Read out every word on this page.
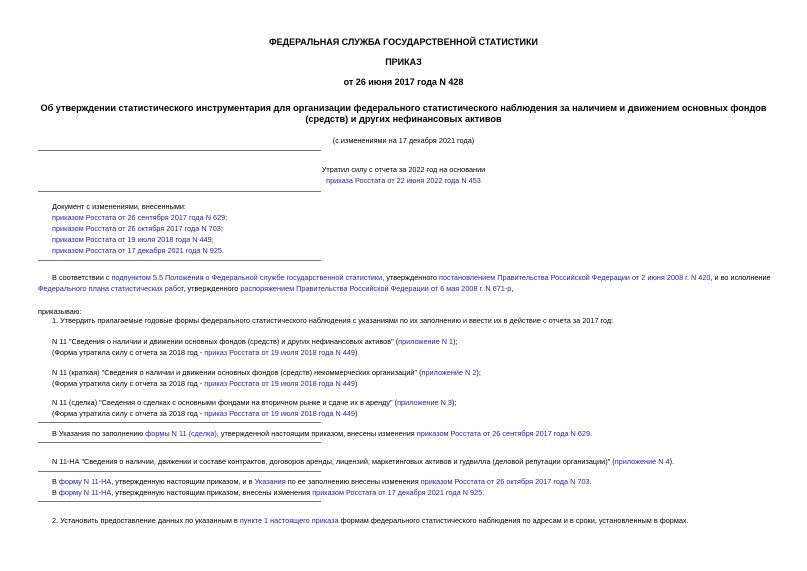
ФЕДЕРАЛЬНАЯ СЛУЖБА ГОСУДАРСТВЕННОЙ СТАТИСТИКИ
ПРИКАЗ
от 26 июня 2017 года N 428
Об утверждении статистического инструментария для организации федерального статистического наблюдения за наличием и движением основных фондов
(средств) и других нефинансовых активов
(с изменениями на 17 декабря 2021 года)
Утратил силу с отчета за 2022 год на основании
приказа Росстата от 22 июня 2022 года N 453
Документ с изменениями, внесенными:
приказом Росстата от 26 сентября 2017 года N 629;
приказом Росстата от 26 октября 2017 года N 703;
приказом Росстата от 19 июля 2018 года N 449;
приказом Росстата от 17 декабря 2021 года N 925.
В соответствии с подпунктом 5.5 Положения о Федеральной службе государственной статистики, утвержденного постановлением Правительства Российской Федерации от 2 июня 2008 г. N 420, и во исполнение
Федерального плана статистических работ, утвержденного распоряжением Правительства Российской Федерации от 6 мая 2008 г. N 671-р,
приказываю:
1. Утвердить прилагаемые годовые формы федерального статистического наблюдения с указаниями по их заполнению и ввести их в действие с отчета за 2017 год:
N 11 "Сведения о наличии и движении основных фондов (средств) и других нефинансовых активов" (приложение N 1);
(Форма утратила силу с отчета за 2018 год - приказ Росстата от 19 июля 2018 года N 449)
N 11 (краткая) "Сведения о наличии и движении основных фондов (средств) некоммерческих организаций" (приложение N 2);
(Форма утратила силу с отчета за 2018 год - приказ Росстата от 19 июля 2018 года N 449)
N 11 (сделка) "Сведения о сделках с основными фондами на вторичном рынке и сдаче их в аренду" (приложение N 3);
(Форма утратила силу с отчета за 2018 год - приказ Росстата от 19 июля 2018 года N 449)
В Указания по заполнению формы N 11 (сделка), утвержденной настоящим приказом, внесены изменения приказом Росстата от 26 сентября 2017 года N 629.
N 11-НА "Сведения о наличии, движении и составе контрактов, договоров аренды, лицензий, маркетинговых активов и гудвилла (деловой репутации организации)" (приложение N 4).
В форму N 11-НА, утвержденную настоящим приказом, и в Указания по ее заполнению внесены изменения приказом Росстата от 26 октября 2017 года N 703.
В форму N 11-НА, утвержденную настоящим приказом, внесены изменения приказом Росстата от 17 декабря 2021 года N 925.
2. Установить предоставление данных по указанным в пункте 1 настоящего приказа формам федерального статистического наблюдения по адресам и в сроки, установленным в формах.
